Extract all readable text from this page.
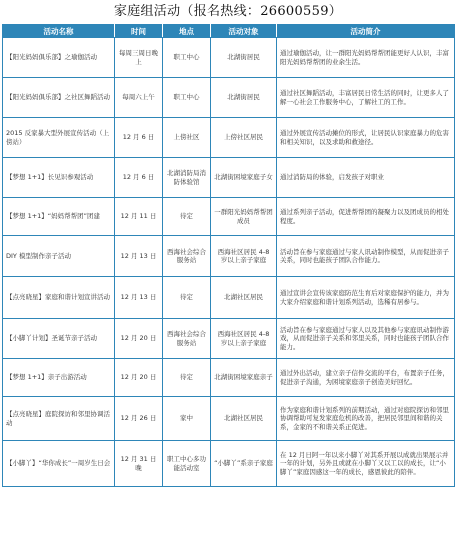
家庭组活动（报名热线：26600559）
活动名称	时间	地点	活动对象	活动简介
【阳光妈妈俱乐部】之瑜伽活动	每周三周日晚上	职工中心	北湖街居民	通过瑜伽活动，让一群阳光妈妈帮帮团能更好人认识，丰富阳光妈妈帮帮团的业余生活。
【阳光妈妈俱乐部】之社区舞蹈活动	每周六上午	职工中心	北湖街居民	通过社区舞蹈活动，丰富居民日常生活的同时，让更多人了解一心社会工作服务中心，了解社工的工作。
2015 反家暴大型外展宣传活动（上傍站）	12 月 6 日	上傍社区	上傍社区居民	通过外展宣传活动摊位的形式，让居民认识家庭暴力的危害和相关知识，以及求助和救途径。
【梦想 1+1】长见识参观活动	12 月 6 日	北湖消防局消防体验馆	北湖街困境家庭子女	通过消防局的体验，启发孩子对职业
【梦想 1+1】“妈妈帮帮团”团建	12 月 11 日	待定	一群阳光妈妈帮帮团成员	通过系列亲子活动，促进帮帮团的凝聚力以及团成员的相处程度。
DIY 模型制作亲子活动	12 月 13 日	西海社会综合服务站	西海社区居民 4-8 岁以上亲子家庭	活动旨在参与家庭通过与家人讯动制作模型，从而促进亲子关系，同时也能孩子团队合作能力。
【点亮晓星】家庭和谐计划宣讲活动	12 月 13 日	待定	北湖社区居民	通过宣讲会宣传该家庭防范生育后对家庭保护的能力，并为大家介绍家庭和谐计划系列活动，选稀有居参与。
【小脚丫计划】圣诞节亲子活动	12 月 20 日	西海社会综合服务站	西海社区居民 4-8 岁以上亲子家庭	活动旨在参与家庭通过与家人以及其他参与家庭讯动制作游戏，从而促进亲子关系和邻里关系，同时也能孩子团队合作能力。
【梦想 1+1】亲子出游活动	12 月 20 日	待定	北湖街困境家庭亲子	通过外出活动，建立亲子信件交流的平台，布置亲子任务，促进亲子沟通，为困境家庭亲子创造美好回忆。
【点亮晓星】庭院探访和邻里协调活动	12 月 26 日	家中	北湖社区居民	作为家庭和谐计划系列的前期活动，通过对庭院探访和邻里协调帮助可复发家庭危机的改善，把居民邻里间和谐的关系，金家的不和谐关系正促进。
【小脚丫】“华你成长”一周岁生日会	12 月 31 日晚	职工中心多功能活动室	“小脚丫”系亲子家庭	在 12 月日阿一年以来小脚丫对其系开展以成就出果展示并一年的计划，另外且或就在小脚丫又以工以的成长，让“小脚丫”家庭因感这一年的成长，感恩彼此的陪伴。
